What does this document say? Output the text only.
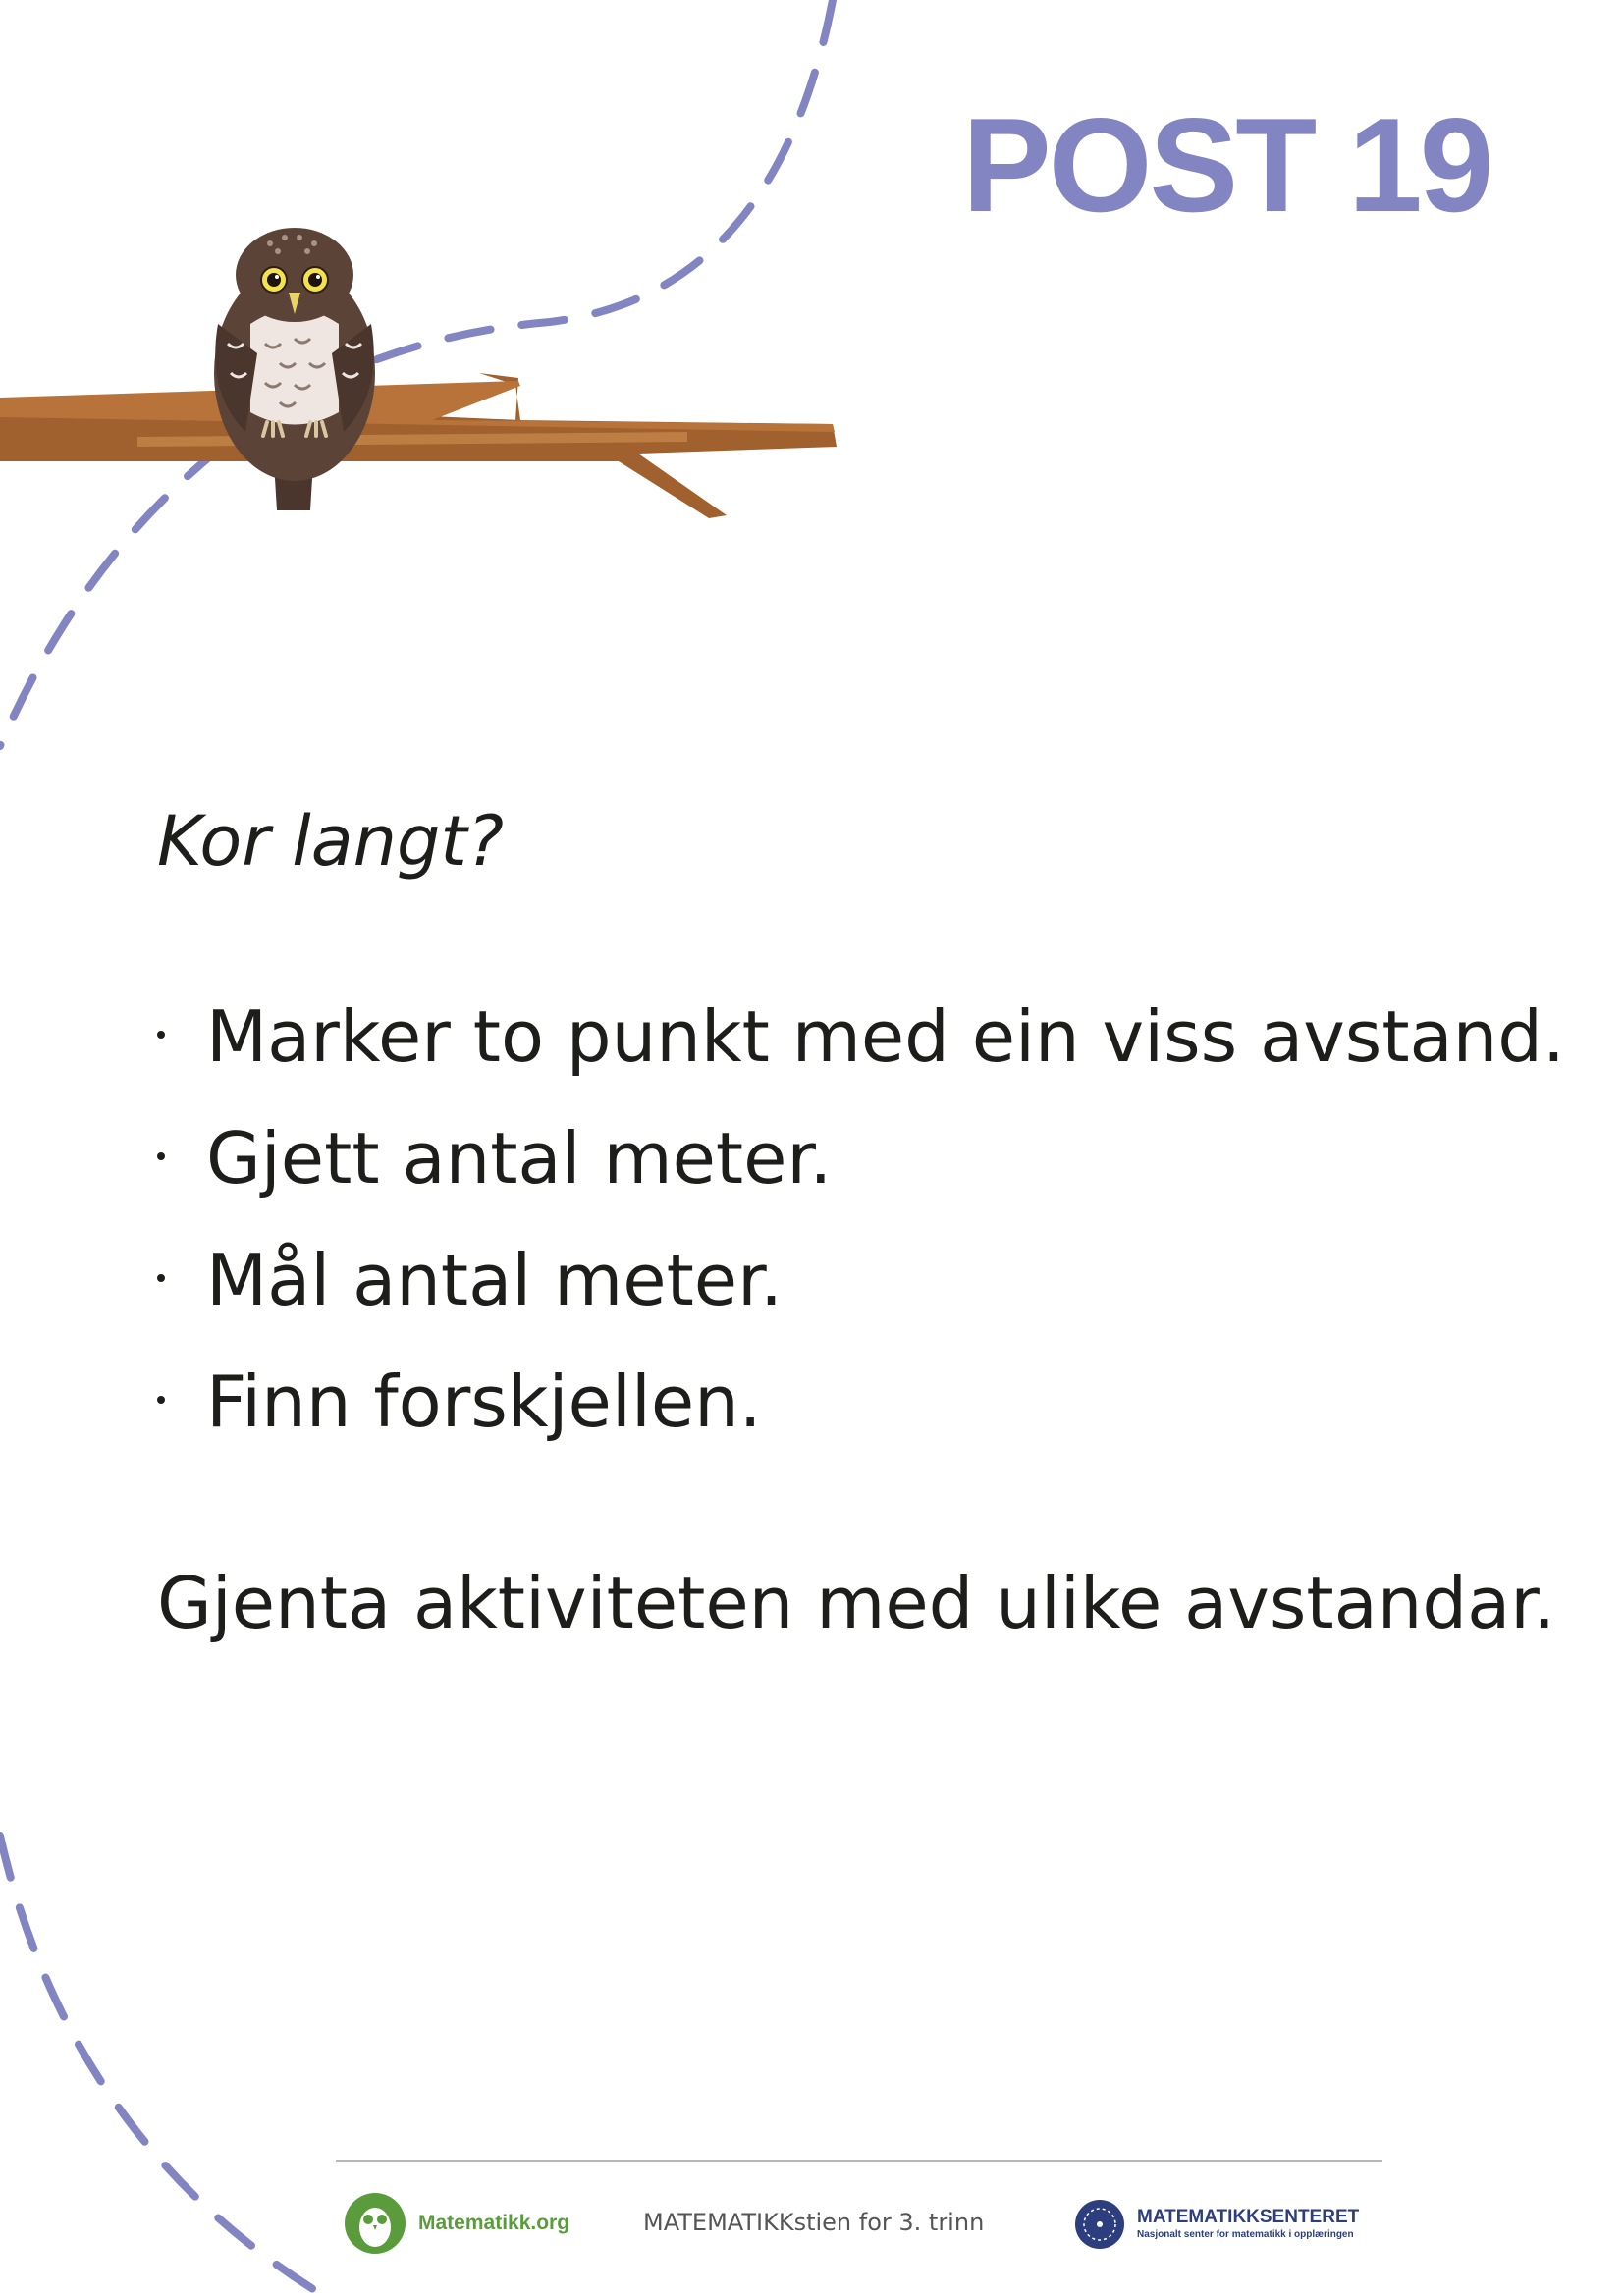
POST 19
Kor langt?
Marker to punkt med ein viss avstand.
Gjett antal meter.
Mål antal meter.
Finn forskjellen.
Gjenta aktiviteten med ulike avstandar.
Matematikk.org	MATEMATIKKstien for 3. trinn	MATEMATIKKSENTERET
Nasjonalt senter for matematikk i opplæringen
